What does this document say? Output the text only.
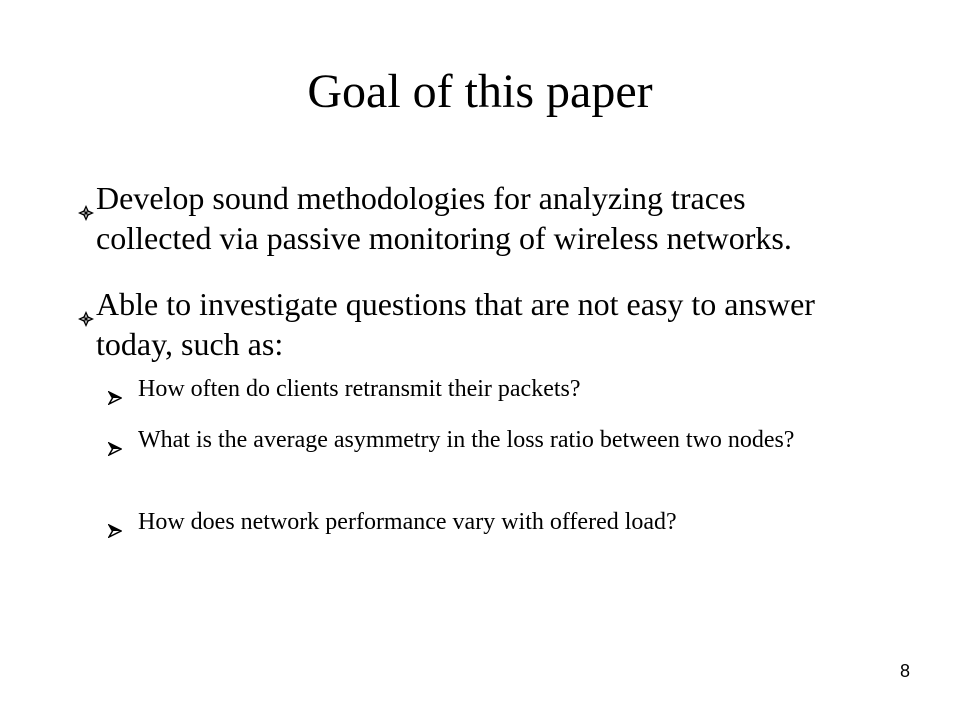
Goal of this paper
Develop sound methodologies for analyzing traces collected via passive monitoring of wireless networks.
Able to investigate questions that are not easy to answer today, such as:
How often do clients retransmit their packets?
What is the average asymmetry in the loss ratio between two nodes?
How does network performance vary with offered load?
8
